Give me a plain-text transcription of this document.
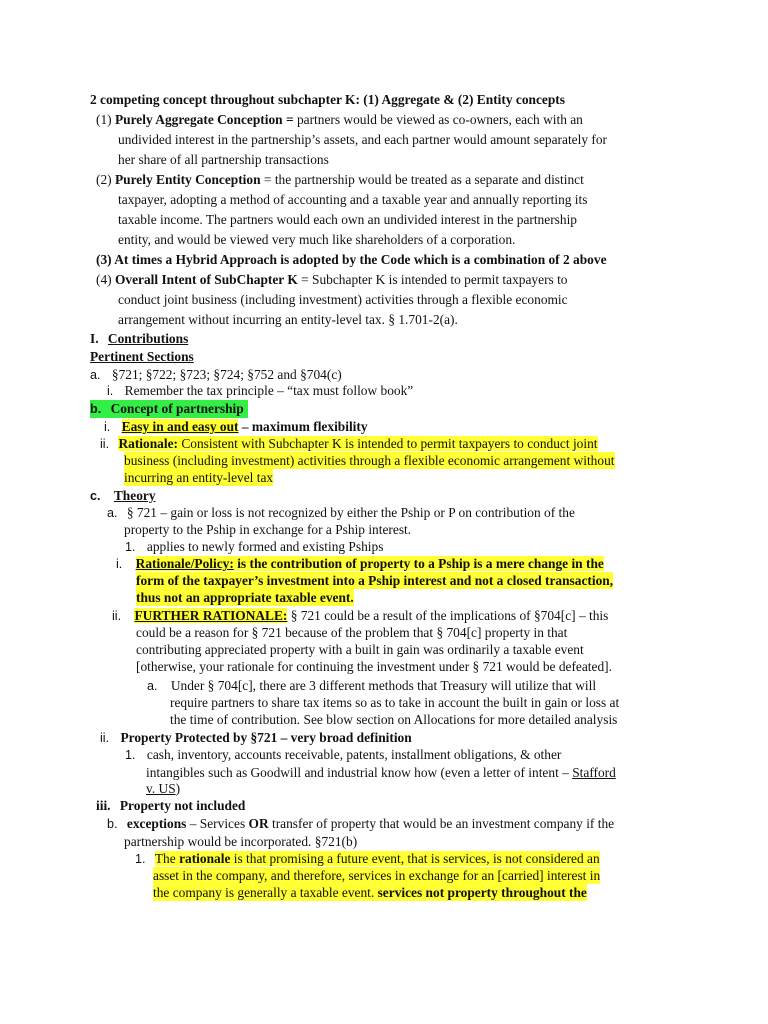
2 competing concept throughout subchapter K: (1) Aggregate & (2) Entity concepts
(1) Purely Aggregate Conception = partners would be viewed as co-owners, each with an
undivided interest in the partnership’s assets, and each partner would amount separately for
her share of all partnership transactions
(2) Purely Entity Conception = the partnership would be treated as a separate and distinct
taxpayer, adopting a method of accounting and a taxable year and annually reporting its
taxable income. The partners would each own an undivided interest in the partnership
entity, and would be viewed very much like shareholders of a corporation.
(3) At times a Hybrid Approach is adopted by the Code which is a combination of 2 above
(4) Overall Intent of SubChapter K = Subchapter K is intended to permit taxpayers to
conduct joint business (including investment) activities through a flexible economic
arrangement without incurring an entity-level tax. § 1.701-2(a).
I. Contributions
Pertinent Sections
a. §721; §722; §723; §724; §752 and §704(c)
i. Remember the tax principle – “tax must follow book”
b. Concept of partnership
i. Easy in and easy out – maximum flexibility
ii. Rationale: Consistent with Subchapter K is intended to permit taxpayers to conduct joint
business (including investment) activities through a flexible economic arrangement without
incurring an entity-level tax
c. Theory
a. § 721 – gain or loss is not recognized by either the Pship or P on contribution of the
property to the Pship in exchange for a Pship interest.
1. applies to newly formed and existing Pships
i. Rationale/Policy: is the contribution of property to a Pship is a mere change in the
form of the taxpayer’s investment into a Pship interest and not a closed transaction,
thus not an appropriate taxable event.
ii. FURTHER RATIONALE: § 721 could be a result of the implications of §704[c] – this
could be a reason for § 721 because of the problem that § 704[c] property in that
contributing appreciated property with a built in gain was ordinarily a taxable event
[otherwise, your rationale for continuing the investment under § 721 would be defeated].
a. Under § 704[c], there are 3 different methods that Treasury will utilize that will
require partners to share tax items so as to take in account the built in gain or loss at
the time of contribution. See blow section on Allocations for more detailed analysis
ii. Property Protected by §721 – very broad definition
1. cash, inventory, accounts receivable, patents, installment obligations, & other
intangibles such as Goodwill and industrial know how (even a letter of intent – Stafford
v. US)
iii. Property not included
b. exceptions – Services OR transfer of property that would be an investment company if the
partnership would be incorporated. §721(b)
1. The rationale is that promising a future event, that is services, is not considered an
asset in the company, and therefore, services in exchange for an [carried] interest in
the company is generally a taxable event. services not property throughout the
